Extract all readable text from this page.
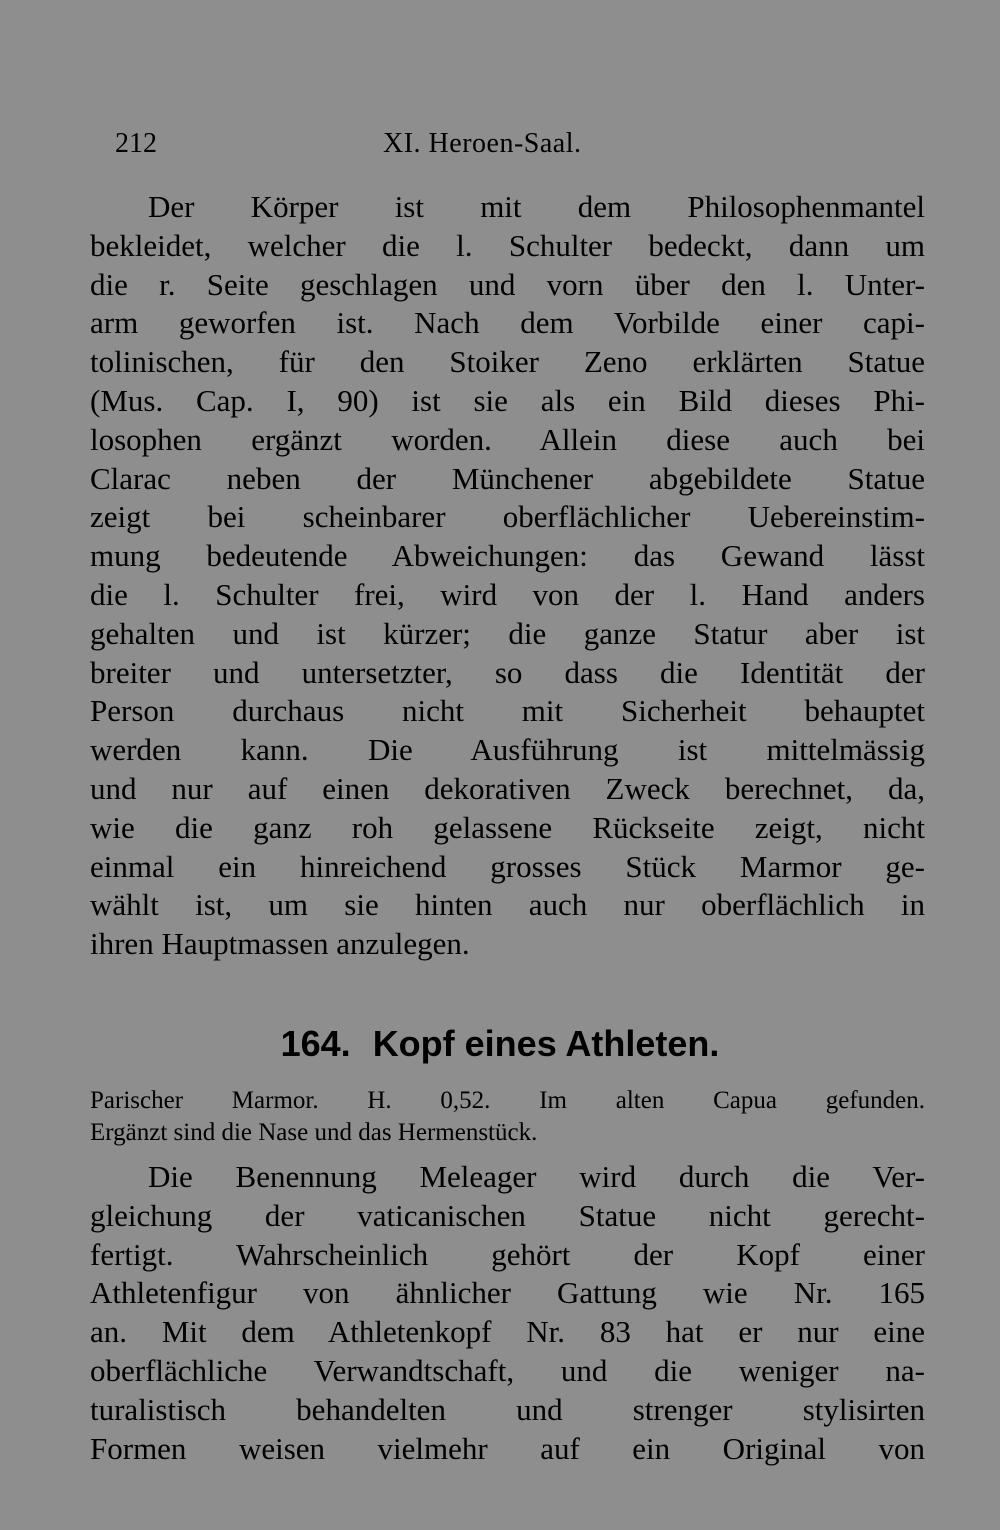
212	XI. Heroen-Saal.

Der Körper ist mit dem Philosophenmantel
bekleidet, welcher die l. Schulter bedeckt, dann um
die r. Seite geschlagen und vorn über den l. Unter-
arm geworfen ist. Nach dem Vorbilde einer capi-
tolinischen, für den Stoiker Zeno erklärten Statue
(Mus. Cap. I, 90) ist sie als ein Bild dieses Phi-
losophen ergänzt worden. Allein diese auch bei
Clarac neben der Münchener abgebildete Statue
zeigt bei scheinbarer oberflächlicher Uebereinstim-
mung bedeutende Abweichungen: das Gewand lässt
die l. Schulter frei, wird von der l. Hand anders
gehalten und ist kürzer; die ganze Statur aber ist
breiter und untersetzter, so dass die Identität der
Person durchaus nicht mit Sicherheit behauptet
werden kann. Die Ausführung ist mittelmässig
und nur auf einen dekorativen Zweck berechnet, da,
wie die ganz roh gelassene Rückseite zeigt, nicht
einmal ein hinreichend grosses Stück Marmor ge-
wählt ist, um sie hinten auch nur oberflächlich in
ihren Hauptmassen anzulegen.

164. Kopf eines Athleten.

Parischer Marmor. H. 0,52. Im alten Capua gefunden.
Ergänzt sind die Nase und das Hermenstück.

Die Benennung Meleager wird durch die Ver-
gleichung der vaticanischen Statue nicht gerecht-
fertigt. Wahrscheinlich gehört der Kopf einer
Athletenfigur von ähnlicher Gattung wie Nr. 165
an. Mit dem Athletenkopf Nr. 83 hat er nur eine
oberflächliche Verwandtschaft, und die weniger na-
turalistisch behandelten und strenger stylisirten
Formen weisen vielmehr auf ein Original von
